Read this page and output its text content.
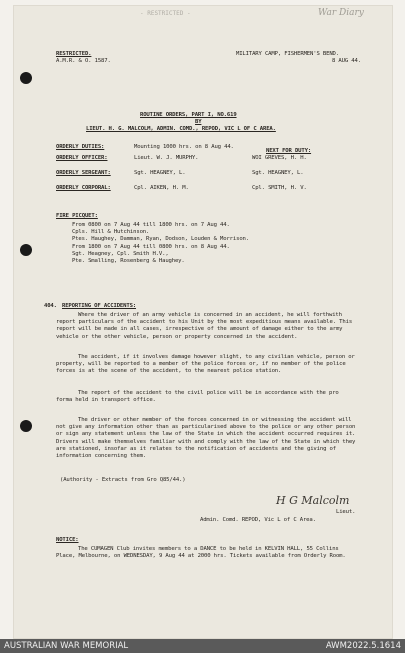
- RESTRICTED -	War Diary
RESTRICTED.
A.M.R. & O. 1587.
MILITARY CAMP, FISHERMEN'S BEND.
8 AUG 44.
ROUTINE ORDERS, PART I, NO.619
BY
LIEUT. H. G. MALCOLM, ADMIN. COMD., REPOD, VIC L OF C AREA.
ORDERLY DUTIES:	Mounting 1000 hrs. on 8 Aug 44.
NEXT FOR DUTY:
ORDERLY OFFICER:	Lieut. W. J. MURPHY.	WOI GREVES, H. H.
ORDERLY SERGEANT:	Sgt. HEAGNEY, L.	Sgt. HEAGNEY, L.
ORDERLY CORPORAL:	Cpl. AIKEN, H. M.	Cpl. SMITH, H. V.
FIRE PICQUET:
From 0800 on 7 Aug 44 till 1800 hrs. on 7 Aug 44.
Cpls. Hill & Hutchinson.
Ptes. Haughey, Damman, Ryan, Dodson, Louden & Morrison.
From 1800 on 7 Aug 44 till 0800 hrs. on 8 Aug 44.
Sgt. Heagney, Cpl. Smith H.V.,
Pte. Smalling, Rosenberg & Haughey.
404. REPORTING OF ACCIDENTS:
Where the driver of an army vehicle is concerned in an accident, he will forthwith report particulars of the accident to his Unit by the most expeditious means available. This report will be made in all cases, irrespective of the amount of damage either to the army vehicle or the other vehicle, person or property concerned in the accident.
The accident, if it involves damage however slight, to any civilian vehicle, person or property, will be reported to a member of the police forces or, if no member of the police forces is at the scene of the accident, to the nearest police station.
The report of the accident to the civil police will be in accordance with the pro forma held in transport office.
The driver or other member of the forces concerned in or witnessing the accident will not give any information other than as particularised above to the police or any other person or sign any statement unless the law of the State in which the accident occurred requires it. Drivers will make themselves familiar with and comply with the law of the State in which they are stationed, insofar as it relates to the notification of accidents and the giving of information concerning them.
(Authority - Extracts from Gro Q85/44.)
H G Malcolm
Lieut.
Admin. Comd. REPOD, Vic L of C Area.
NOTICE:
The CUMAGEN Club invites members to a DANCE to be held in KELVIN HALL, 55 Collins Place, Melbourne, on WEDNESDAY, 9 Aug 44 at 2000 hrs. Tickets available from Orderly Room.
AUSTRALIAN WAR MEMORIAL	AWM2022.5.1614
